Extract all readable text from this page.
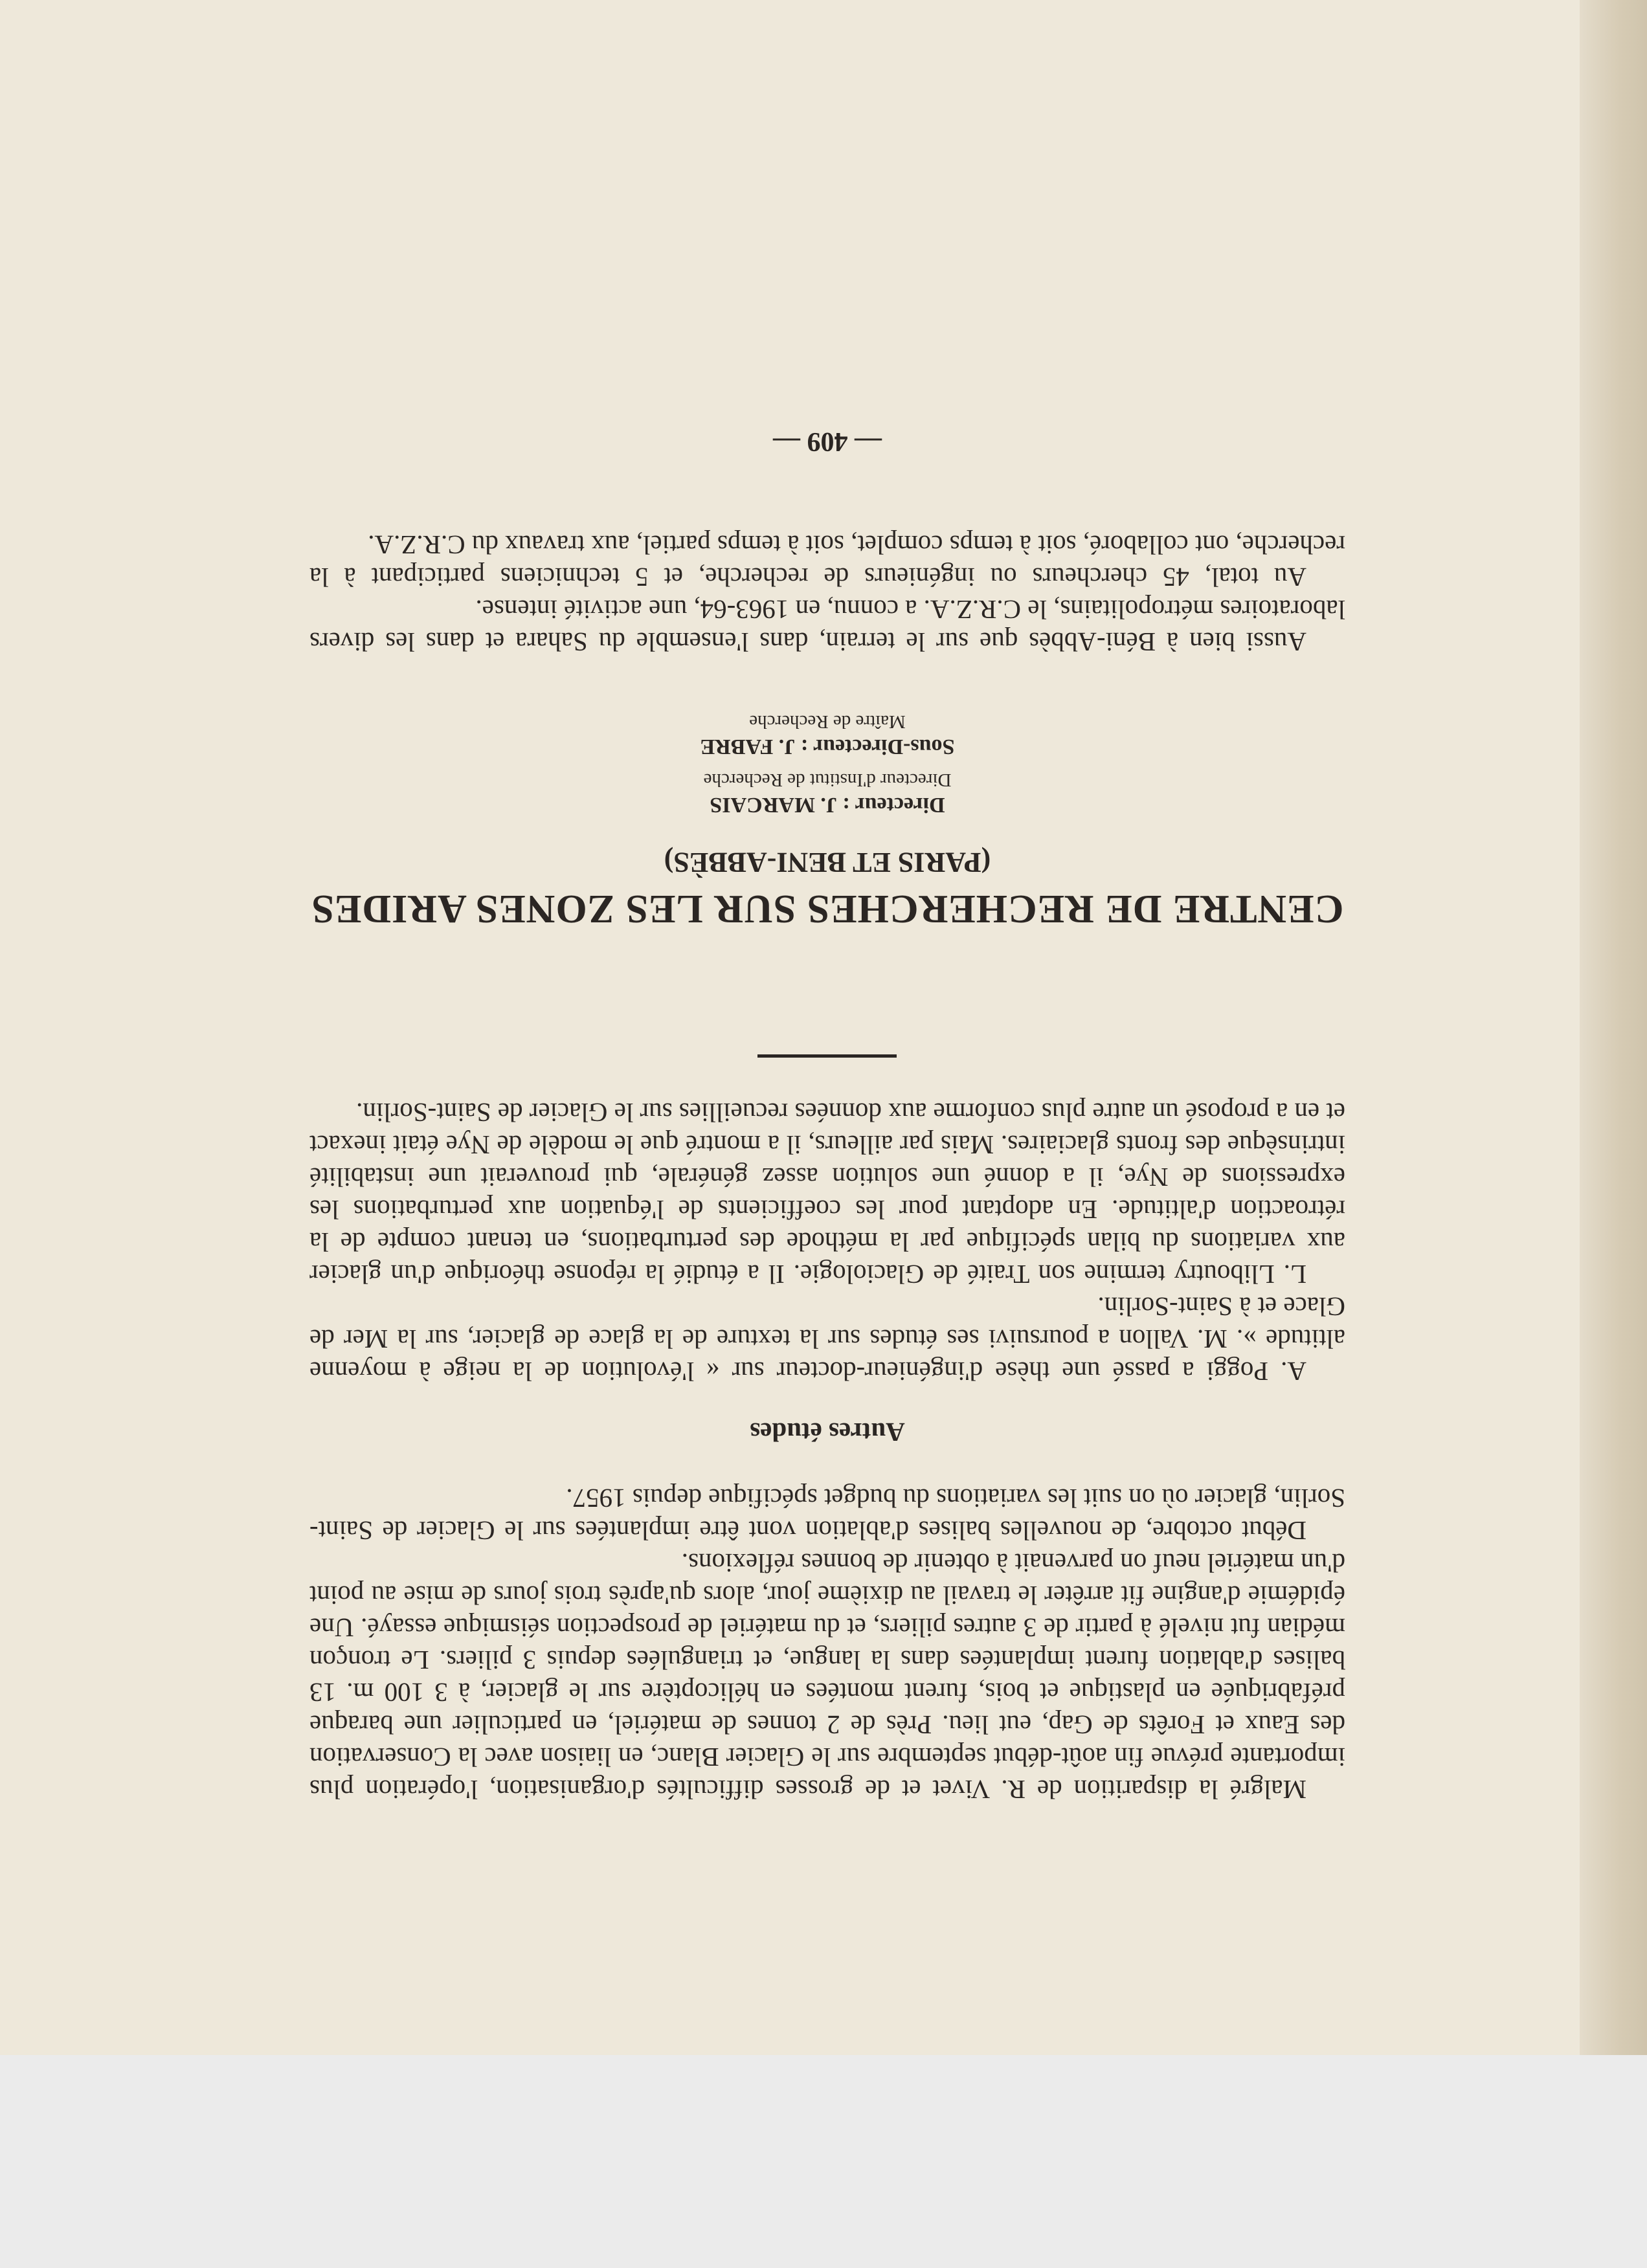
Malgré la disparition de R. Vivet et de grosses difficultés d'organisation, l'opération plus importante prévue fin août-début septembre sur le Glacier Blanc, en liaison avec la Conservation des Eaux et Forêts de Gap, eut lieu. Près de 2 tonnes de matériel, en particulier une baraque préfabriquée en plastique et bois, furent montées en hélicoptère sur le glacier, à 3 100 m. 13 balises d'ablation furent implantées dans la langue, et triangulées depuis 3 piliers. Le tronçon médian fut nivelé à partir de 3 autres piliers, et du matériel de prospection séismique essayé. Une épidémie d'angine fit arrêter le travail au dixième jour, alors qu'après trois jours de mise au point d'un matériel neuf on parvenait à obtenir de bonnes réflexions.

Début octobre, de nouvelles balises d'ablation vont être implantées sur le Glacier de Saint-Sorlin, glacier où on suit les variations du budget spécifique depuis 1957.

Autres études

A. Poggi a passé une thèse d'ingénieur-docteur sur « l'évolution de la neige à moyenne altitude ». M. Vallon a poursuivi ses études sur la texture de la glace de glacier, sur la Mer de Glace et à Saint-Sorlin.

L. Lliboutry termine son Traité de Glaciologie. Il a étudié la réponse théorique d'un glacier aux variations du bilan spécifique par la méthode des perturbations, en tenant compte de la rétroaction d'altitude. En adoptant pour les coefficients de l'équation aux perturbations les expressions de Nye, il a donné une solution assez générale, qui prouverait une instabilité intrinsèque des fronts glaciaires. Mais par ailleurs, il a montré que le modèle de Nye était inexact et en a proposé un autre plus conforme aux données recueillies sur le Glacier de Saint-Sorlin.

CENTRE DE RECHERCHES SUR LES ZONES ARIDES
(PARIS ET BENI-ABBÈS)
Directeur : J. MARCAIS
Directeur d'Institut de Recherche
Sous-Directeur : J. FABRE
Maître de Recherche

Aussi bien à Béni-Abbès que sur le terrain, dans l'ensemble du Sahara et dans les divers laboratoires métropolitains, le C.R.Z.A. a connu, en 1963-64, une activité intense.

Au total, 45 chercheurs ou ingénieurs de recherche, et 5 techniciens participant à la recherche, ont collaboré, soit à temps complet, soit à temps partiel, aux travaux du C.R.Z.A.

— 409 —
